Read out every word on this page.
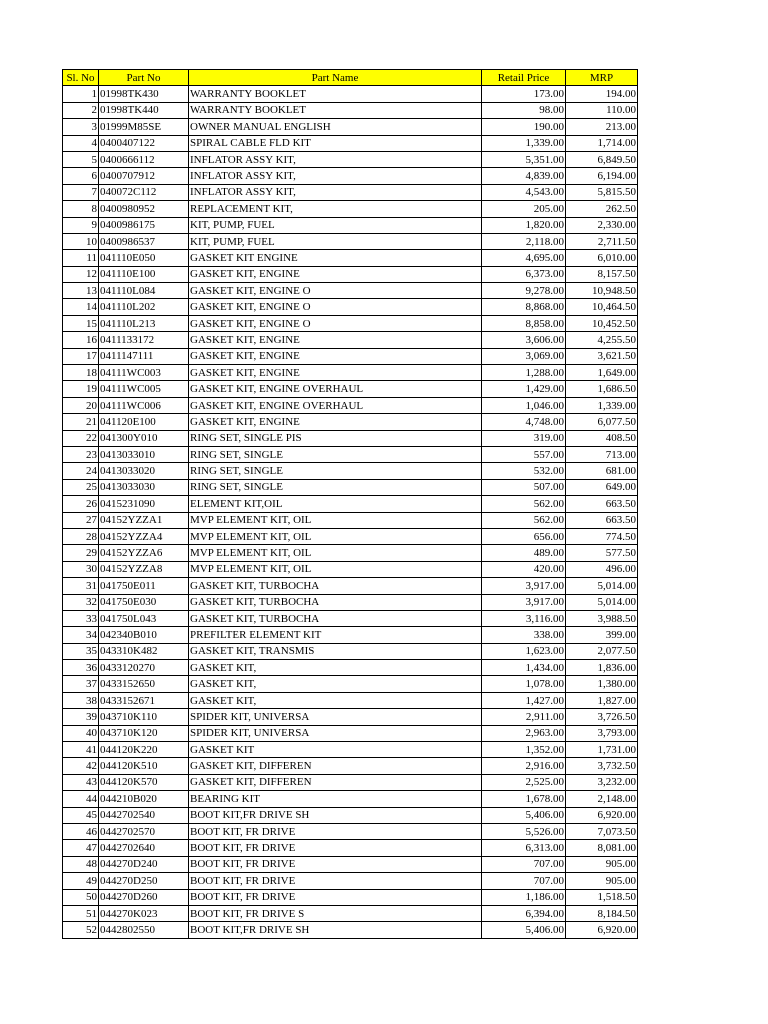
Sl. No	Part No	Part Name	Retail Price	MRP
1	01998TK430	WARRANTY BOOKLET	173.00	194.00
2	01998TK440	WARRANTY BOOKLET	98.00	110.00
3	01999M85SE	OWNER MANUAL ENGLISH	190.00	213.00
4	0400407122	SPIRAL CABLE FLD KIT	1,339.00	1,714.00
5	0400666112	INFLATOR ASSY KIT,	5,351.00	6,849.50
6	0400707912	INFLATOR ASSY KIT,	4,839.00	6,194.00
7	040072C112	INFLATOR ASSY KIT,	4,543.00	5,815.50
8	0400980952	REPLACEMENT KIT,	205.00	262.50
9	0400986175	KIT, PUMP, FUEL	1,820.00	2,330.00
10	0400986537	KIT, PUMP, FUEL	2,118.00	2,711.50
11	041110E050	GASKET KIT ENGINE	4,695.00	6,010.00
12	041110E100	GASKET KIT, ENGINE	6,373.00	8,157.50
13	041110L084	GASKET KIT, ENGINE O	9,278.00	10,948.50
14	041110L202	GASKET KIT, ENGINE O	8,868.00	10,464.50
15	041110L213	GASKET KIT, ENGINE O	8,858.00	10,452.50
16	0411133172	GASKET KIT, ENGINE	3,606.00	4,255.50
17	0411147111	GASKET KIT, ENGINE	3,069.00	3,621.50
18	04111WC003	GASKET KIT, ENGINE	1,288.00	1,649.00
19	04111WC005	GASKET KIT, ENGINE OVERHAUL	1,429.00	1,686.50
20	04111WC006	GASKET KIT, ENGINE OVERHAUL	1,046.00	1,339.00
21	041120E100	GASKET KIT, ENGINE	4,748.00	6,077.50
22	041300Y010	RING SET, SINGLE PIS	319.00	408.50
23	0413033010	RING SET, SINGLE	557.00	713.00
24	0413033020	RING SET, SINGLE	532.00	681.00
25	0413033030	RING SET, SINGLE	507.00	649.00
26	0415231090	ELEMENT KIT,OIL	562.00	663.50
27	04152YZZA1	MVP ELEMENT KIT, OIL	562.00	663.50
28	04152YZZA4	MVP ELEMENT KIT, OIL	656.00	774.50
29	04152YZZA6	MVP ELEMENT KIT, OIL	489.00	577.50
30	04152YZZA8	MVP ELEMENT KIT, OIL	420.00	496.00
31	041750E011	GASKET KIT, TURBOCHA	3,917.00	5,014.00
32	041750E030	GASKET KIT, TURBOCHA	3,917.00	5,014.00
33	041750L043	GASKET KIT, TURBOCHA	3,116.00	3,988.50
34	042340B010	PREFILTER ELEMENT KIT	338.00	399.00
35	043310K482	GASKET KIT, TRANSMIS	1,623.00	2,077.50
36	0433120270	GASKET KIT,	1,434.00	1,836.00
37	0433152650	GASKET KIT,	1,078.00	1,380.00
38	0433152671	GASKET KIT,	1,427.00	1,827.00
39	043710K110	SPIDER KIT, UNIVERSA	2,911.00	3,726.50
40	043710K120	SPIDER KIT, UNIVERSA	2,963.00	3,793.00
41	044120K220	GASKET KIT	1,352.00	1,731.00
42	044120K510	GASKET KIT, DIFFEREN	2,916.00	3,732.50
43	044120K570	GASKET KIT, DIFFEREN	2,525.00	3,232.00
44	044210B020	BEARING KIT	1,678.00	2,148.00
45	0442702540	BOOT KIT,FR DRIVE SH	5,406.00	6,920.00
46	0442702570	BOOT KIT, FR DRIVE	5,526.00	7,073.50
47	0442702640	BOOT KIT, FR DRIVE	6,313.00	8,081.00
48	044270D240	BOOT KIT, FR DRIVE	707.00	905.00
49	044270D250	BOOT KIT, FR DRIVE	707.00	905.00
50	044270D260	BOOT KIT, FR DRIVE	1,186.00	1,518.50
51	044270K023	BOOT KIT, FR DRIVE S	6,394.00	8,184.50
52	0442802550	BOOT KIT,FR DRIVE SH	5,406.00	6,920.00
